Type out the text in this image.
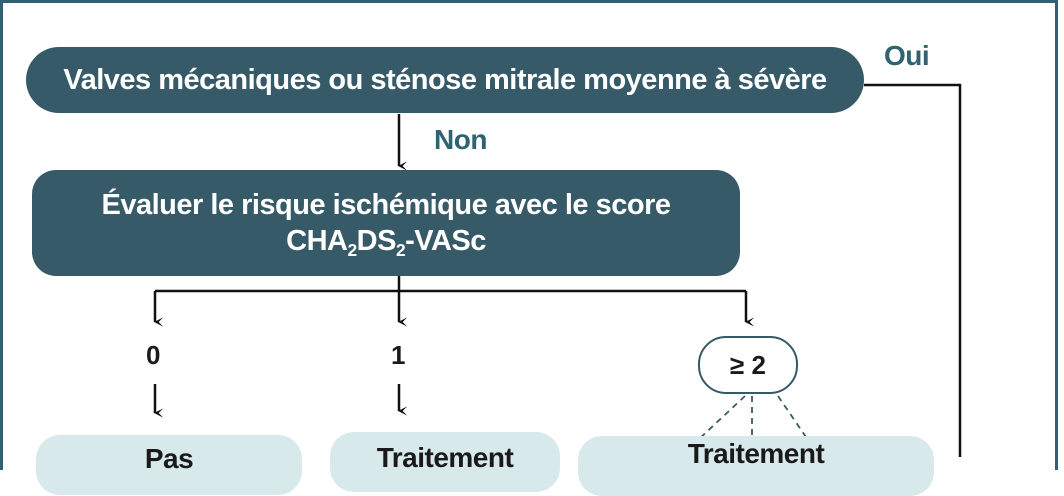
Valves mécaniques ou sténose mitrale moyenne à sévère
Oui
Non
Évaluer le risque ischémique avec le score
$CHA_2DS_2$-VASc
0	1	≥ 2
Pas	Traitement	Traitement
